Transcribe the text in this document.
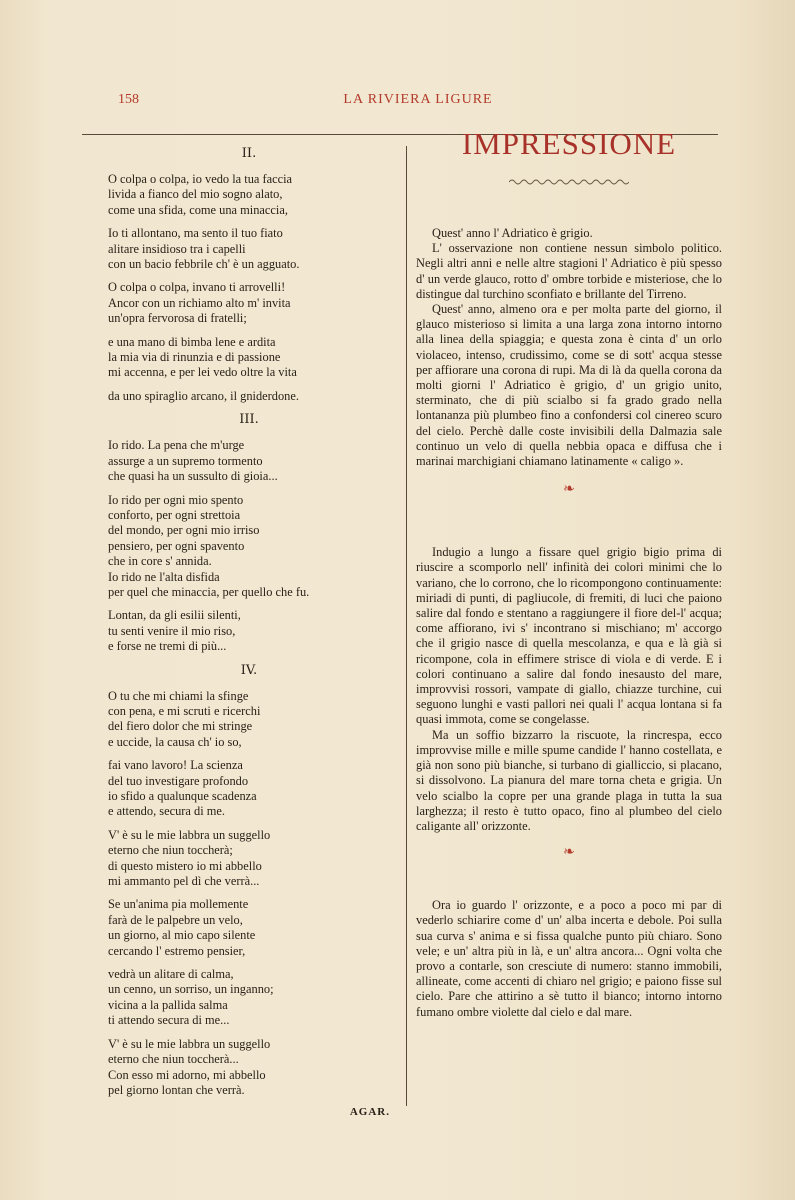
158	LA RIVIERA LIGURE
II.
O colpa o colpa, io vedo la tua faccia
livida a fianco del mio sogno alato,
come una sfida, come una minaccia,
Io ti allontano, ma sento il tuo fiato
alitare insidioso tra i capelli
con un bacio febbrile ch' è un agguato.
O colpa o colpa, invano ti arrovelli!
Ancor con un richiamo alto m' invita
un'opra fervorosa di fratelli;
e una mano di bimba lene e ardita
la mia via di rinunzia e di passione
mi accenna, e per lei vedo oltre la vita
da uno spiraglio arcano, il gniderdone.
III.
Io rido. La pena che m'urge
assurge a un supremo tormento
che quasi ha un sussulto di gioia...
Io rido per ogni mio spento
conforto, per ogni strettoia
del mondo, per ogni mio irriso
pensiero, per ogni spavento
che in core s' annida.
Io rido ne l'alta disfida
per quel che minaccia, per quello che fu.
Lontan, da gli esilii silenti,
tu senti venire il mio riso,
e forse ne tremi di più...
IV.
O tu che mi chiami la sfinge
con pena, e mi scruti e ricerchi
del fiero dolor che mi stringe
e uccide, la causa ch' io so,
fai vano lavoro! La scienza
del tuo investigare profondo
io sfido a qualunque scadenza
e attendo, secura di me.
V' è su le mie labbra un suggello
eterno che niun toccherà;
di questo mistero io mi abbello
mi ammanto pel dì che verrà...
Se un'anima pia mollemente
farà de le palpebre un velo,
un giorno, al mio capo silente
cercando l' estremo pensier,
vedrà un alitare di calma,
un cenno, un sorriso, un inganno;
vicina a la pallida salma
ti attendo secura di me...
V' è su le mie labbra un suggello
eterno che niun toccherà...
Con esso mi adorno, mi abbello
pel giorno lontan che verrà.
AGAR.
IMPRESSIONE

Quest' anno l' Adriatico è grigio.

L' osservazione non contiene nessun simbolo politico. Negli altri anni e nelle altre stagioni l' Adriatico è più spesso d' un verde glauco, rotto d' ombre torbide e misteriose, che lo distingue dal turchino sconfiato e brillante del Tirreno.

Quest' anno, almeno ora e per molta parte del giorno, il glauco misterioso si limita a una larga zona intorno intorno alla linea della spiaggia; e questa zona è cinta d' un orlo violaceo, intenso, crudissimo, come se di sott' acqua stesse per affiorare una corona di rupi. Ma di là da quella corona da molti giorni l' Adriatico è grigio, d' un grigio unito, sterminato, che di più scialbo si fa grado grado nella lontananza più plumbeo fino a confondersi col cinereo scuro del cielo. Perchè dalle coste invisibili della Dalmazia sale continuo un velo di quella nebbia opaca e diffusa che i marinai marchigiani chiamano latinamente « caligo ».

❧

Indugio a lungo a fissare quel grigio bigio prima di riuscire a scomporlo nell' infinità dei colori minimi che lo variano, che lo corrono, che lo ricompongono continuamente: miriadi di punti, di pagliucole, di fremiti, di luci che paiono salire dal fondo e stentano a raggiungere il fiore del-l' acqua; come affiorano, ivi s' incontrano si mischiano; m' accorgo che il grigio nasce di quella mescolanza, e qua e là già si ricompone, cola in effimere strisce di viola e di verde. E i colori continuano a salire dal fondo inesausto del mare, improvvisi rossori, vampate di giallo, chiazze turchine, cui seguono lunghi e vasti pallori nei quali l' acqua lontana si fa quasi immota, come se congelasse.

Ma un soffio bizzarro la riscuote, la rincrespa, ecco improvvise mille e mille spume candide l' hanno costellata, e già non sono più bianche, si turbano di gialliccio, si placano, si dissolvono. La pianura del mare torna cheta e grigia. Un velo scialbo la copre per una grande plaga in tutta la sua larghezza; il resto è tutto opaco, fino al plumbeo del cielo caligante all' orizzonte.

❧

Ora io guardo l' orizzonte, e a poco a poco mi par di vederlo schiarire come d' un' alba incerta e debole. Poi sulla sua curva s' anima e si fissa qualche punto più chiaro. Sono vele; e un' altra più in là, e un' altra ancora... Ogni volta che provo a contarle, son cresciute di numero: stanno immobili, allineate, come accenti di chiaro nel grigio; e paiono fisse sul cielo. Pare che attirino a sè tutto il bianco; intorno intorno fumano ombre violette dal cielo e dal mare.
